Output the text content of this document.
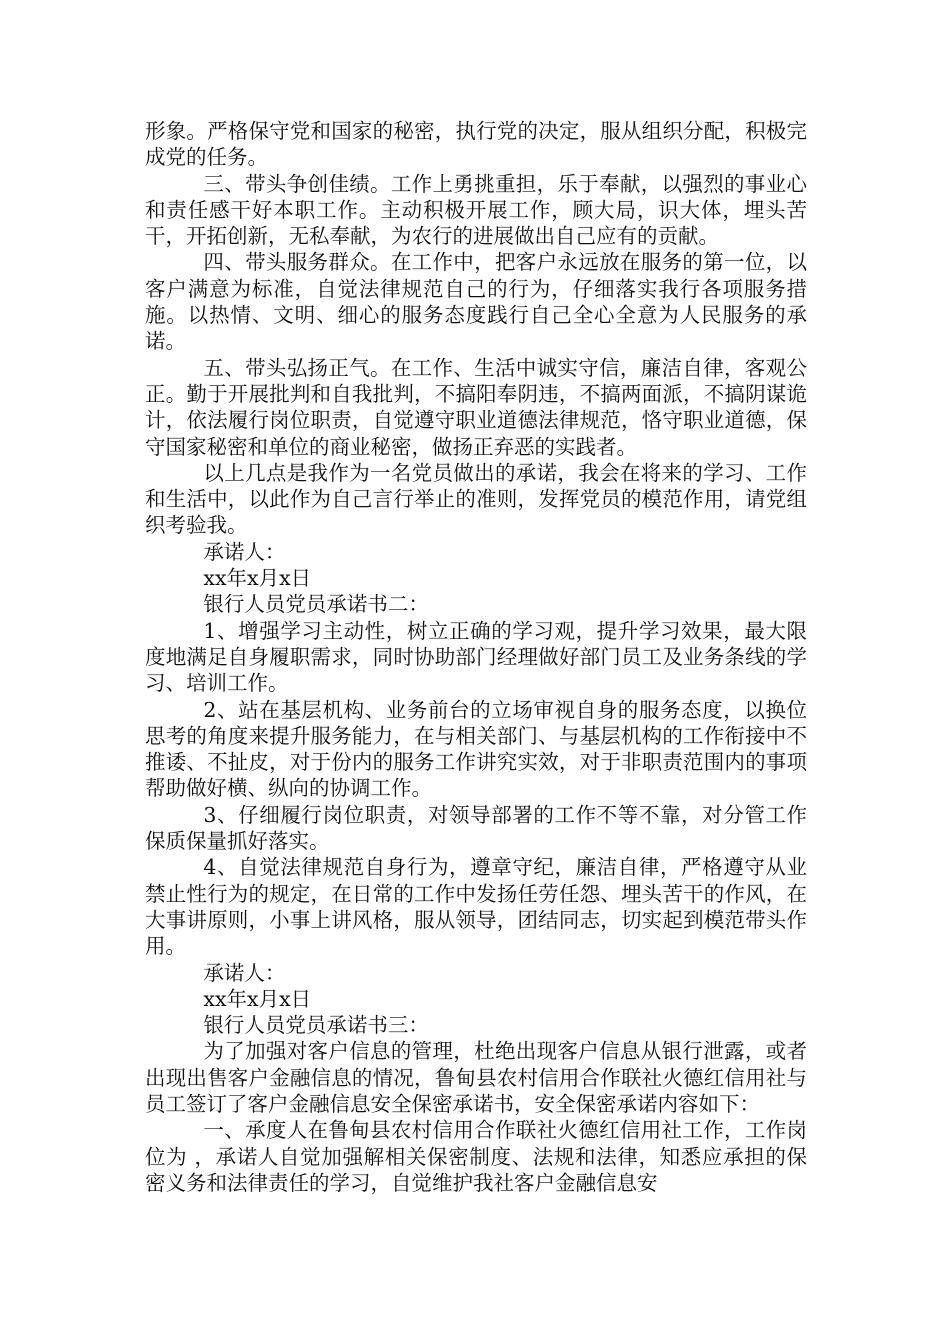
形象。严格保守党和国家的秘密，执行党的决定，服从组织分配，积极完成党的任务。

三、带头争创佳绩。工作上勇挑重担，乐于奉献，以强烈的事业心和责任感干好本职工作。主动积极开展工作，顾大局，识大体，埋头苦干，开拓创新，无私奉献，为农行的进展做出自己应有的贡献。

四、带头服务群众。在工作中，把客户永远放在服务的第一位，以客户满意为标准，自觉法律规范自己的行为，仔细落实我行各项服务措施。以热情、文明、细心的服务态度践行自己全心全意为人民服务的承诺。

五、带头弘扬正气。在工作、生活中诚实守信，廉洁自律，客观公正。勤于开展批判和自我批判，不搞阳奉阴违，不搞两面派，不搞阴谋诡计，依法履行岗位职责，自觉遵守职业道德法律规范，恪守职业道德，保守国家秘密和单位的商业秘密，做扬正弃恶的实践者。

以上几点是我作为一名党员做出的承诺，我会在将来的学习、工作和生活中，以此作为自己言行举止的准则，发挥党员的模范作用，请党组织考验我。

承诺人：

xx年x月x日

银行人员党员承诺书二：

1、增强学习主动性，树立正确的学习观，提升学习效果，最大限度地满足自身履职需求，同时协助部门经理做好部门员工及业务条线的学习、培训工作。

2、站在基层机构、业务前台的立场审视自身的服务态度，以换位思考的角度来提升服务能力，在与相关部门、与基层机构的工作衔接中不推诿、不扯皮，对于份内的服务工作讲究实效，对于非职责范围内的事项帮助做好横、纵向的协调工作。

3、仔细履行岗位职责，对领导部署的工作不等不靠，对分管工作保质保量抓好落实。

4、自觉法律规范自身行为，遵章守纪，廉洁自律，严格遵守从业禁止性行为的规定，在日常的工作中发扬任劳任怨、埋头苦干的作风，在大事讲原则，小事上讲风格，服从领导，团结同志，切实起到模范带头作用。

承诺人：

xx年x月x日

银行人员党员承诺书三：

为了加强对客户信息的管理，杜绝出现客户信息从银行泄露，或者出现出售客户金融信息的情况，鲁甸县农村信用合作联社火德红信用社与员工签订了客户金融信息安全保密承诺书，安全保密承诺内容如下：

一、承度人在鲁甸县农村信用合作联社火德红信用社工作，工作岗位为 ，承诺人自觉加强解相关保密制度、法规和法律，知悉应承担的保密义务和法律责任的学习，自觉维护我社客户金融信息安
